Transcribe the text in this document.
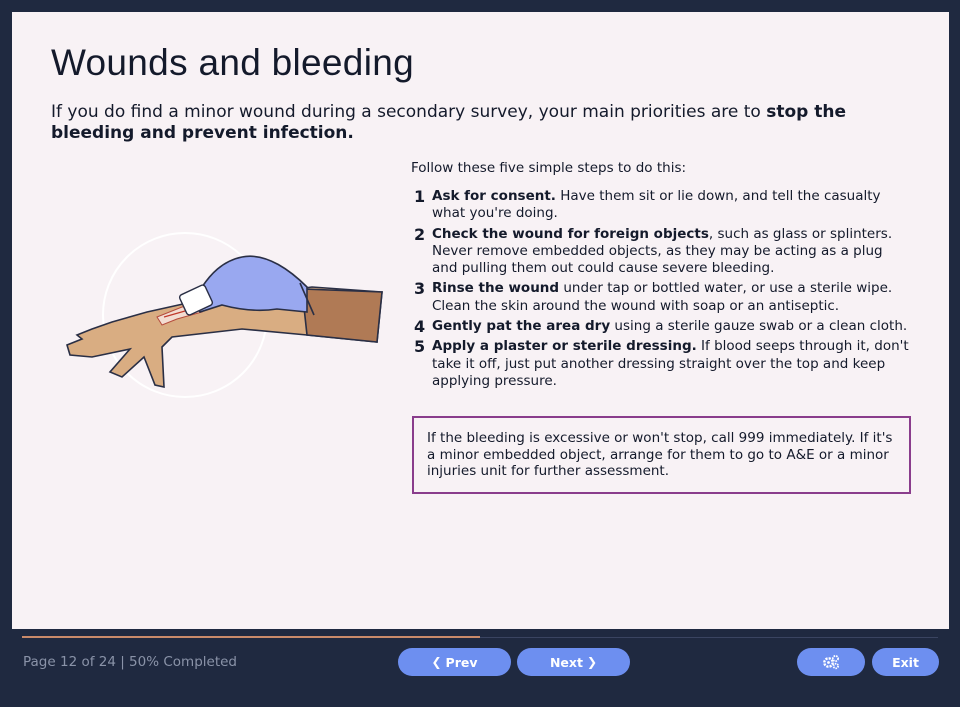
Wounds and bleeding

If you do find a minor wound during a secondary survey, your main priorities are to stop the bleeding and prevent infection.

Follow these five simple steps to do this:

1 Ask for consent. Have them sit or lie down, and tell the casualty what you're doing.
2 Check the wound for foreign objects, such as glass or splinters. Never remove embedded objects, as they may be acting as a plug and pulling them out could cause severe bleeding.
3 Rinse the wound under tap or bottled water, or use a sterile wipe. Clean the skin around the wound with soap or an antiseptic.
4 Gently pat the area dry using a sterile gauze swab or a clean cloth.
5 Apply a plaster or sterile dressing. If blood seeps through it, don't take it off, just put another dressing straight over the top and keep applying pressure.
If the bleeding is excessive or won't stop, call 999 immediately. If it's a minor embedded object, arrange for them to go to A&E or a minor injuries unit for further assessment.
Page 12 of 24 | 50% Completed	❮ Prev	Next ❯	Exit
